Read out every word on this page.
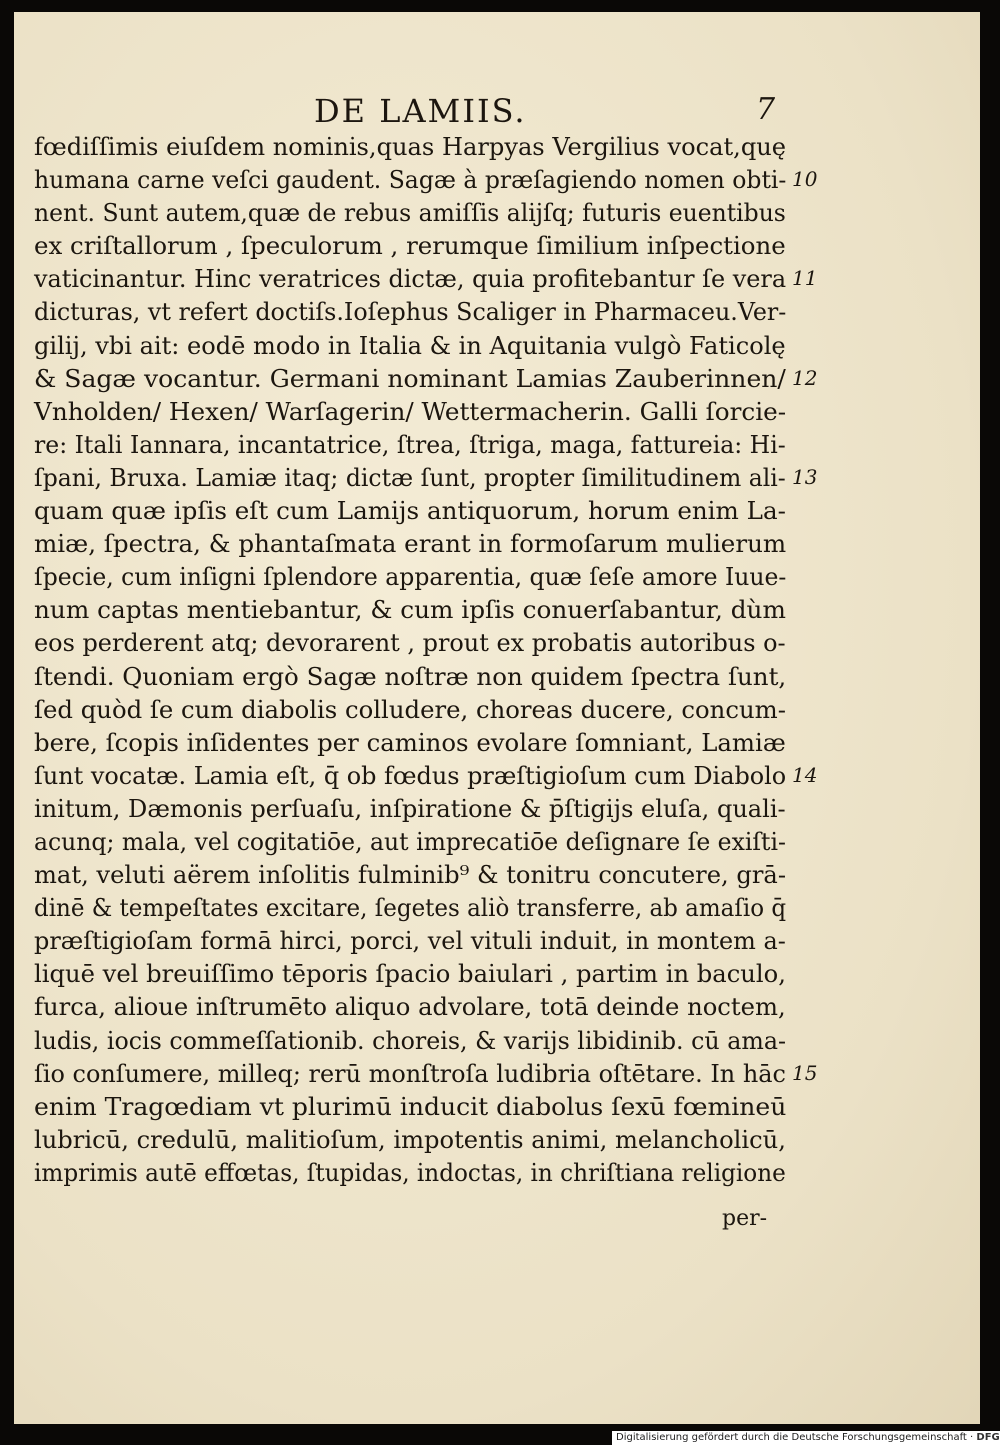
DE LAMIIS.	7
fœdiſſimis eiuſdem nominis,quas Harpyas Vergilius vocat,quę
humana carne veſci gaudent. Sagæ à præſagiendo nomen obti- 10
nent. Sunt autem,quæ de rebus amiſſis alijſq; futuris euentibus
ex criſtallorum , ſpeculorum , rerumque ſimilium inſpectione
vaticinantur. Hinc veratrices dictæ, quia profitebantur ſe vera 11
dicturas, vt refert doctiſs.Ioſephus Scaliger in Pharmaceu.Ver-
gilij, vbi ait: eodē modo in Italia & in Aquitania vulgò Faticolę
& Sagæ vocantur. Germani nominant Lamias Zauberinnen/ 12
Vnholden/ Hexen/ Warſagerin/ Wettermacherin. Galli ſorcie-
re: Itali Iannara, incantatrice, ſtrea, ſtriga, maga, fattureia: Hi-
ſpani, Bruxa. Lamiæ itaq; dictæ ſunt, propter ſimilitudinem ali- 13
quam quæ ipſis eſt cum Lamijs antiquorum, horum enim La-
miæ, ſpectra, & phantaſmata erant in formoſarum mulierum
ſpecie, cum inſigni ſplendore apparentia, quæ ſeſe amore Iuue-
num captas mentiebantur, & cum ipſis conuerſabantur, dùm
eos perderent atq; devorarent , prout ex probatis autoribus o-
ſtendi. Quoniam ergò Sagæ noſtræ non quidem ſpectra ſunt,
ſed quòd ſe cum diabolis colludere, choreas ducere, concum-
bere, ſcopis inſidentes per caminos evolare ſomniant, Lamiæ
ſunt vocatæ. Lamia eſt, q̄ ob fœdus præſtigioſum cum Diabolo 14
initum, Dæmonis perſuaſu, inſpiratione & p̄ſtigijs eluſa, quali-
acunq; mala, vel cogitatiōe, aut imprecatiōe deſignare ſe exiſti-
mat, veluti aërem inſolitis fulminib⁹ & tonitru concutere, grā-
dinē & tempeſtates excitare, ſegetes aliò transferre, ab amaſio q̄
præſtigioſam formā hirci, porci, vel vituli induit, in montem a-
liquē vel breuiſſimo tēporis ſpacio baiulari , partim in baculo,
furca, alioue inſtrumēto aliquo advolare, totā deinde noctem,
ludis, iocis commeſſationib. choreis, & varijs libidinib. cū ama-
ſio conſumere, milleq; rerū monſtroſa ludibria oſtētare. In hāc 15
enim Tragœdiam vt plurimū inducit diabolus ſexū fœmineū
lubricū, credulū, malitioſum, impotentis animi, melancholicū,
imprimis autē effœtas, ſtupidas, indoctas, in chriſtiana religione
per-
Digitalisierung gefördert durch die Deutsche Forschungsgemeinschaft · DFG
